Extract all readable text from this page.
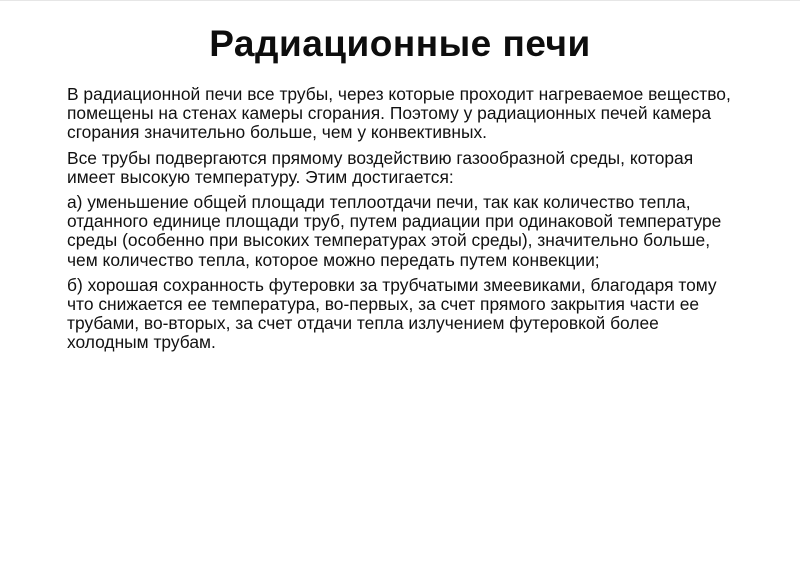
Радиационные печи

В радиационной печи все трубы, через которые проходит нагреваемое вещество, помещены на стенах камеры сгорания. Поэтому у радиационных печей камера сгорания значительно больше, чем у конвективных.

Все трубы подвергаются прямому воздействию газообразной среды, которая имеет высокую температуру. Этим достигается:

а) уменьшение общей площади теплоотдачи печи, так как количество тепла, отданного единице площади труб, путем радиации при одинаковой температуре среды (особенно при высоких температурах этой среды), значительно больше, чем количество тепла, которое можно передать путем конвекции;

б) хорошая сохранность футеровки за трубчатыми змеевиками, благодаря тому что снижается ее температура, во-первых, за счет прямого закрытия части ее трубами, во-вторых, за счет отдачи тепла излучением футеровкой более холодным трубам.
